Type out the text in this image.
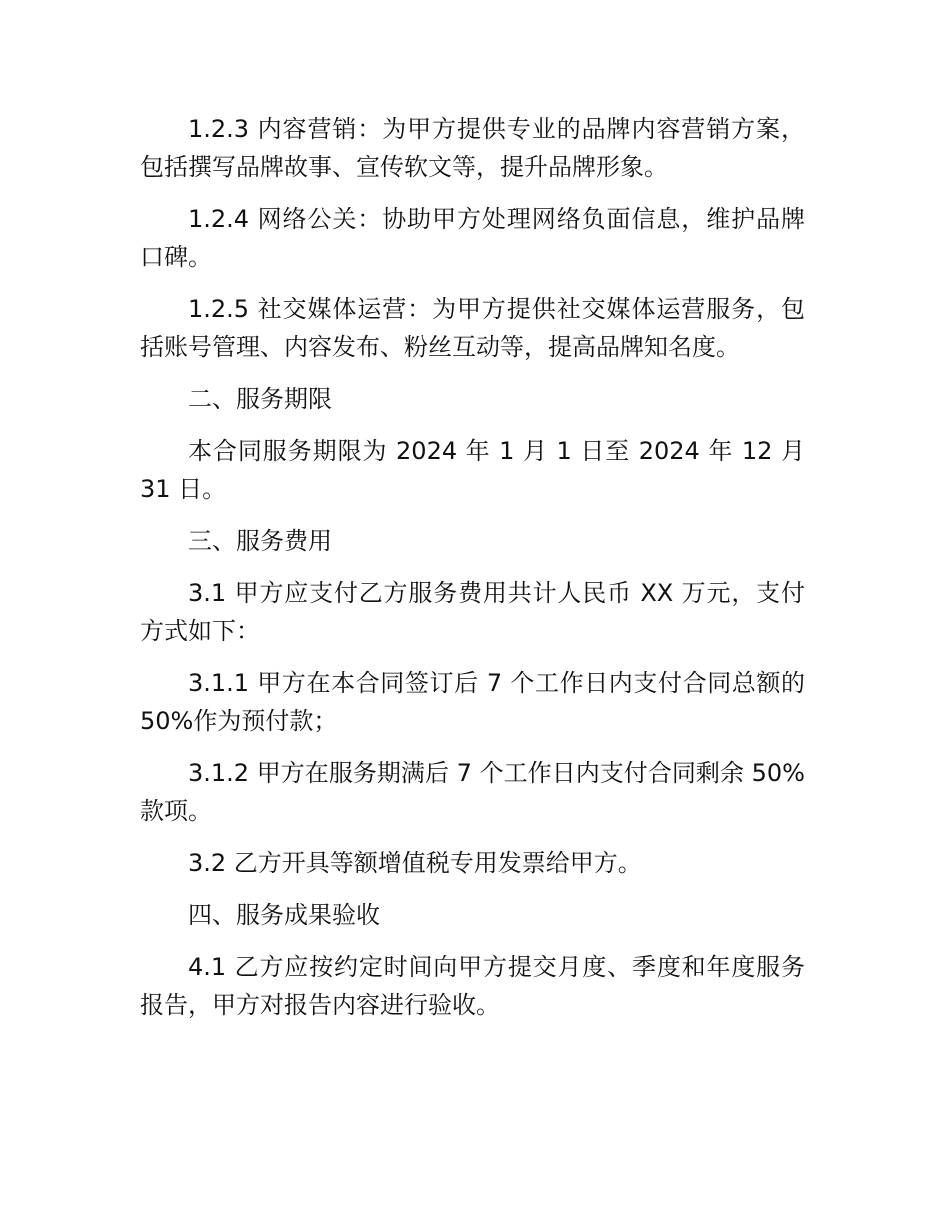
1.2.3 内容营销：为甲方提供专业的品牌内容营销方案，包括撰写品牌故事、宣传软文等，提升品牌形象。

1.2.4 网络公关：协助甲方处理网络负面信息，维护品牌口碑。

1.2.5 社交媒体运营：为甲方提供社交媒体运营服务，包括账号管理、内容发布、粉丝互动等，提高品牌知名度。

二、服务期限

本合同服务期限为 2024 年 1 月 1 日至 2024 年 12 月 31 日。

三、服务费用

3.1 甲方应支付乙方服务费用共计人民币 XX 万元，支付方式如下：

3.1.1 甲方在本合同签订后 7 个工作日内支付合同总额的 50%作为预付款；

3.1.2 甲方在服务期满后 7 个工作日内支付合同剩余 50%款项。

3.2 乙方开具等额增值税专用发票给甲方。

四、服务成果验收

4.1 乙方应按约定时间向甲方提交月度、季度和年度服务报告，甲方对报告内容进行验收。
